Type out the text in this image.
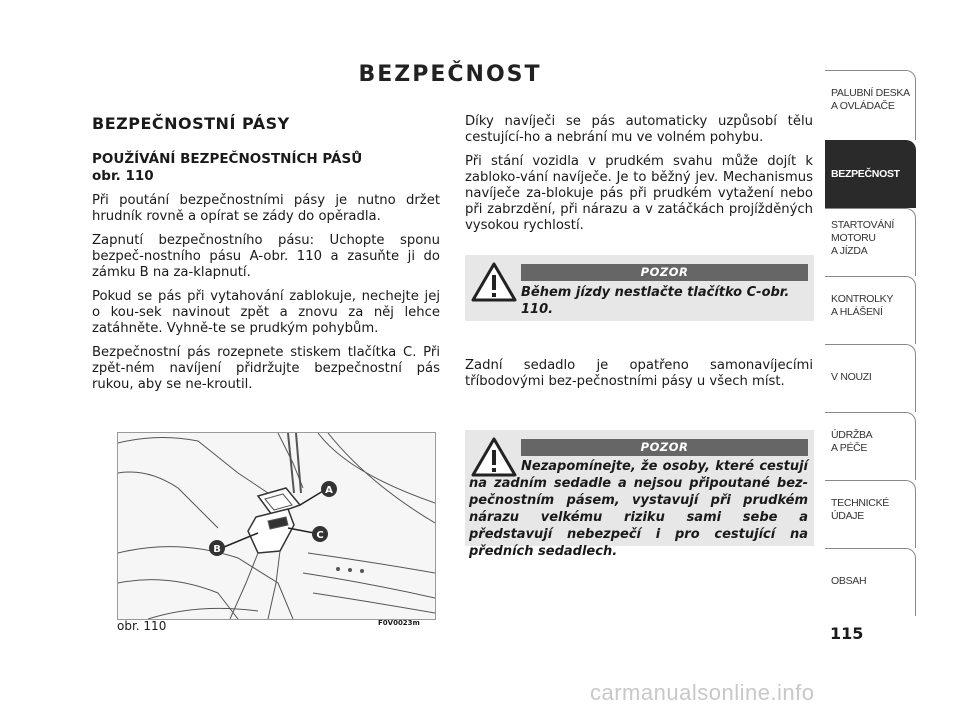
BEZPEČNOST
BEZPEČNOSTNÍ PÁSY
POUŽÍVÁNÍ BEZPEČNOSTNÍCH PÁSŮ
obr. 110

Při poutání bezpečnostními pásy je nutno držet hrudník rovně a opírat se zády do opěradla.

Zapnutí bezpečnostního pásu: Uchopte sponu bezpeč-nostního pásu A-obr. 110 a zasuňte ji do zámku B na za-klapnutí.

Pokud se pás při vytahování zablokuje, nechejte jej o kou-sek navinout zpět a znovu za něj lehce zatáhněte. Vyhně-te se prudkým pohybům.

Bezpečnostní pás rozepnete stiskem tlačítka C. Při zpět-ném navíjení přidržujte bezpečnostní pás rukou, aby se ne-kroutil.

A
C
B
obr. 110	F0V0023m

Díky navíječi se pás automaticky uzpůsobí tělu cestující-ho a nebrání mu ve volném pohybu.

Při stání vozidla v prudkém svahu může dojít k zabloko-vání navíječe. Je to běžný jev. Mechanismus navíječe za-blokuje pás při prudkém vytažení nebo při zabrzdění, při nárazu a v zatáčkách projížděných vysokou rychlostí.

POZOR
Během jízdy nestlačte tlačítko C-obr. 110.

Zadní sedadlo je opatřeno samonavíjecími tříbodovými bez-pečnostními pásy u všech míst.

POZOR
Nezapomínejte, že osoby, které cestují na zadním sedadle a nejsou připoutané bez-pečnostním pásem, vystavují při prudkém nárazu velkému riziku sami sebe a představují nebezpečí i pro cestující na předních sedadlech.
PALUBNÍ DESKA
A OVLÁDAČE
BEZPEČNOST
STARTOVÁNÍ
MOTORU
A JÍZDA
KONTROLKY
A HLÁŠENÍ
V NOUZI
ÚDRŽBA
A PÉČE
TECHNICKÉ
ÚDAJE
OBSAH
115
carmanualsonline.info
